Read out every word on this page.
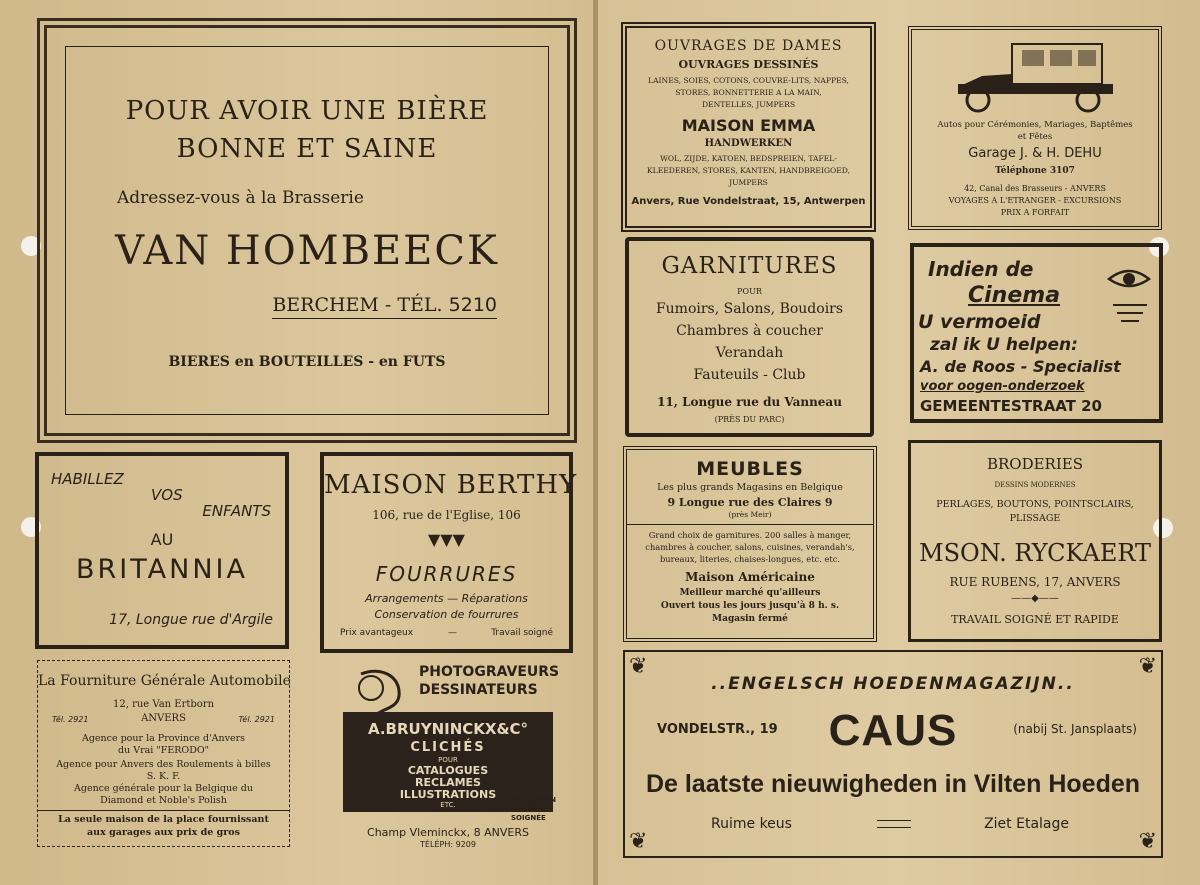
POUR AVOIR UNE BIÈRE
BONNE ET SAINE
Adressez-vous à la Brasserie
VAN HOMBEECK
BERCHEM - TÉL. 5210
BIERES en BOUTEILLES - en FUTS
HABILLEZ
VOS
ENFANTS
AU
BRITANNIA
17, Longue rue d'Argile
MAISON BERTHY
106, rue de l'Eglise, 106
▼▼▼
FOURRURES
Arrangements — Réparations
Conservation de fourrures
Prix avantageux	—	Travail soigné
La Fourniture Générale Automobile
12, rue Van Ertborn
Tél. 2921	ANVERS	Tél. 2921
Agence pour la Province d'Anvers
du Vrai "FERODO"
Agence pour Anvers des Roulements à billes
S. K. F.
Agence générale pour la Belgique du
Diamond et Noble's Polish
La seule maison de la place fournissant
aux garages aux prix de gros
PHOTOGRAVEURS
DESSINATEURS
A.BRUYNINCKX&C°
CLICHÉS
POUR
CATALOGUES
RECLAMES
ILLUSTRATIONS
ETC.
EXÉCUTION
RAPIDE ET
SOIGNÉE
Champ Vleminckx, 8 ANVERS
TÉLÉPH: 9209
OUVRAGES DE DAMES
OUVRAGES DESSINÉS
LAINES, SOIES, COTONS, COUVRE-LITS, NAPPES,
STORES, BONNETTERIE A LA MAIN,
DENTELLES, JUMPERS
MAISON EMMA
HANDWERKEN
WOL, ZIJDE, KATOEN, BEDSPREIEN, TAFEL-
KLEEDEREN, STORES, KANTEN, HANDBREIGOED,
JUMPERS
Anvers, Rue Vondelstraat, 15, Antwerpen
Autos pour Cérémonies, Mariages, Baptêmes
et Fêtes
Garage J. & H. DEHU
Téléphone 3107
42, Canal des Brasseurs - ANVERS
VOYAGES A L'ETRANGER - EXCURSIONS
PRIX A FORFAIT
GARNITURES
POUR
Fumoirs, Salons, Boudoirs
Chambres à coucher
Verandah
Fauteuils - Club
11, Longue rue du Vanneau
(PRÈS DU PARC)
Indien de
Cinema
U vermoeid
zal ik U helpen:
A. de Roos - Specialist
voor oogen-onderzoek
GEMEENTESTRAAT 20
MEUBLES
Les plus grands Magasins en Belgique
9 Longue rue des Claires 9
(près Meir)
Grand choix de garnitures. 200 salles à manger,
chambres à coucher, salons, cuisines, verandah's,
bureaux, literies, chaises-longues, etc. etc.
Maison Américaine
Meilleur marché qu'ailleurs
Ouvert tous les jours jusqu'à 8 h. s.
Magasin fermé
BRODERIES
DESSINS MODERNES
PERLAGES, BOUTONS, POINTSCLAIRS,
PLISSAGE
MSON. RYCKAERT
RUE RUBENS, 17, ANVERS
——◆——
TRAVAIL SOIGNÉ ET RAPIDE
❦	❦
❦	❦
..ENGELSCH HOEDENMAGAZIJN..
VONDELSTR., 19	CAUS	(nabij St. Jansplaats)
De laatste nieuwigheden in Vilten Hoeden
Ruime keus	Ziet Etalage
